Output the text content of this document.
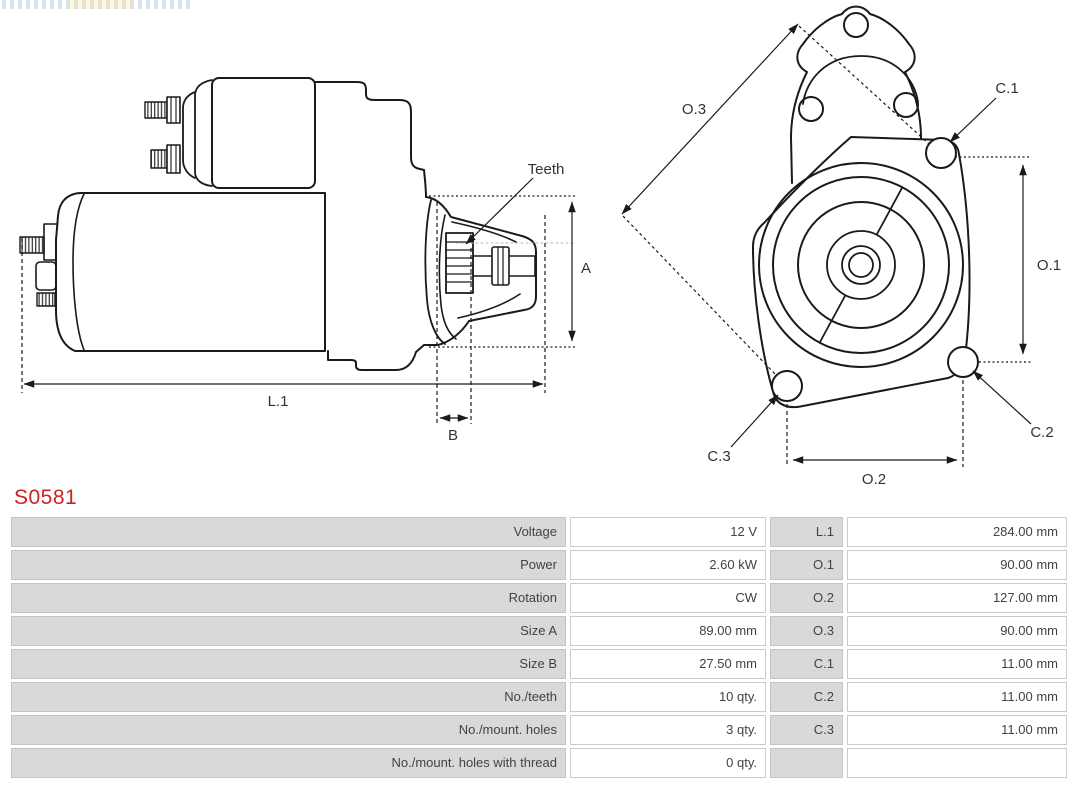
Teeth
A
L.1
B
O.3
C.1
O.1
C.3
C.2
O.2
S0581
Voltage	12 V	L.1	284.00 mm
Power	2.60 kW	O.1	90.00 mm
Rotation	CW	O.2	127.00 mm
Size A	89.00 mm	O.3	90.00 mm
Size B	27.50 mm	C.1	11.00 mm
No./teeth	10 qty.	C.2	11.00 mm
No./mount. holes	3 qty.	C.3	11.00 mm
No./mount. holes with thread	0 qty.
